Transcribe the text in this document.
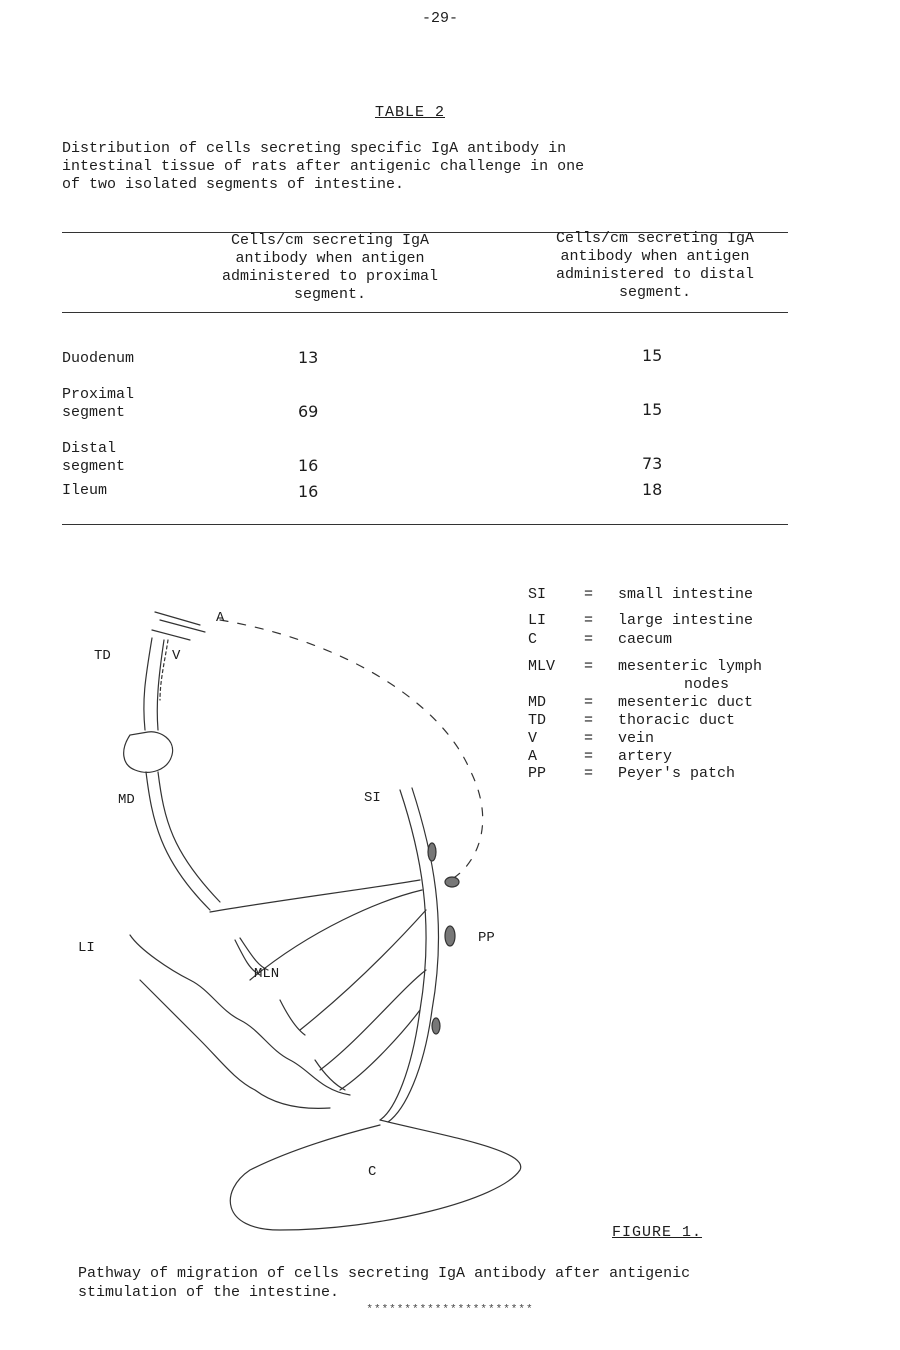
-29-
TABLE 2
Distribution of cells secreting specific IgA antibody in
intestinal tissue of rats after antigenic challenge in one
of two isolated segments of intestine.
Cells/cm secreting IgA
antibody when antigen
administered to proximal
segment.
Cells/cm secreting IgA
antibody when antigen
administered to distal
segment.
Duodenum	13	15
Proximal
segment	69	15
Distal
segment	16	73
Ileum	16	18
A
TD	V
MD	SI
LI
MLN
PP
C
SI	= small intestine
LI	= large intestine
C	= caecum
MLV = mesenteric lymph
nodes
MD	= mesenteric duct
TD	= thoracic duct
V	= vein
A	= artery
PP	= Peyer's patch
FIGURE 1.
Pathway of migration of cells secreting IgA antibody after antigenic
stimulation of the intestine.
**********************
